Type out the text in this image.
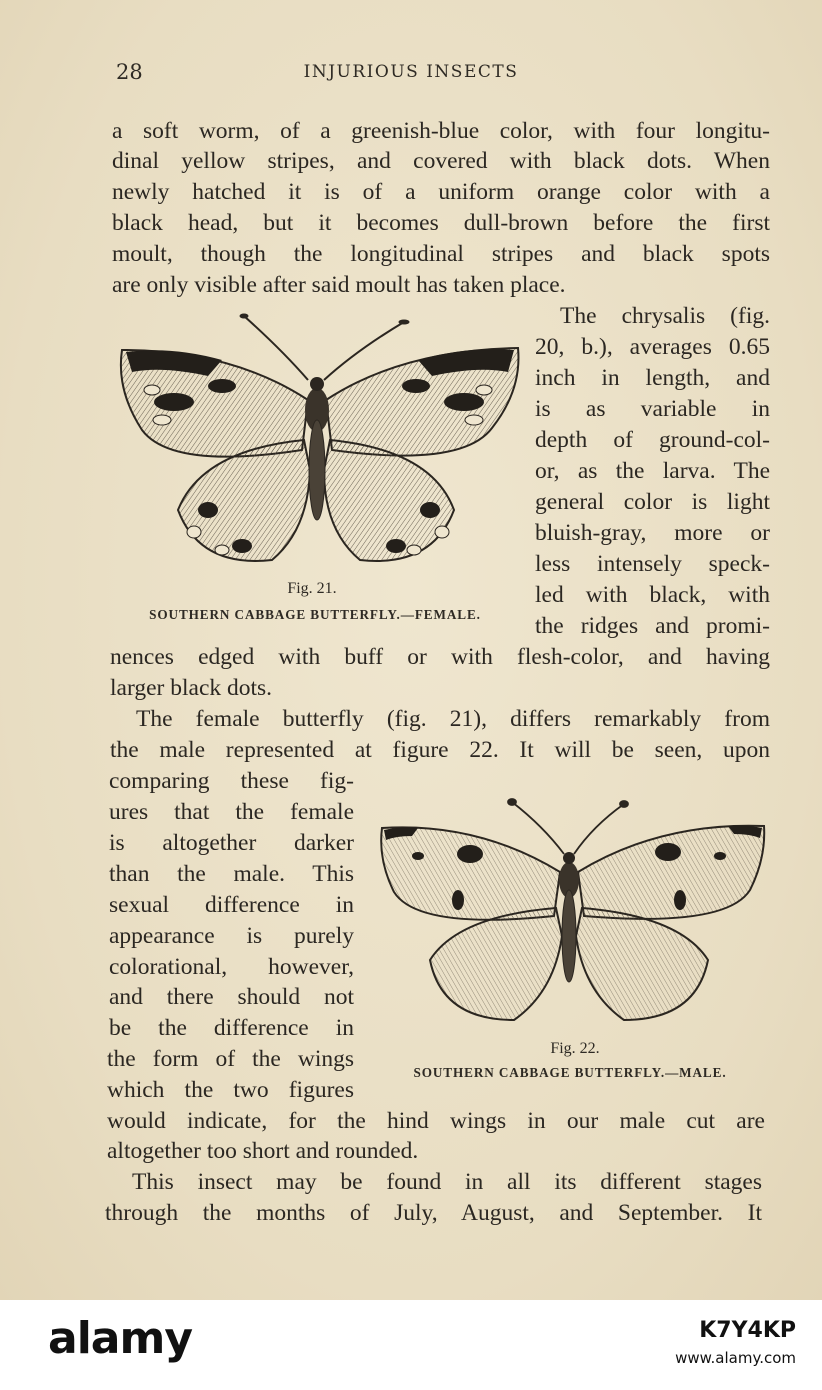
28	INJURIOUS INSECTS
a soft worm, of a greenish-blue color, with four longitu-
dinal yellow stripes, and covered with black dots. When
newly hatched it is of a uniform orange color with a
black head, but it becomes dull-brown before the first
moult, though the longitudinal stripes and black spots
are only visible after said moult has taken place.
The chrysalis (fig.
20, b.), averages 0.65
inch in length, and
is as variable in
depth of ground-col-
or, as the larva. The
general color is light
bluish-gray, more or
less intensely speck-
led with black, with
the ridges and promi-
nences edged with buff or with flesh-color, and having
larger black dots.
The female butterfly (fig. 21), differs remarkably from
the male represented at figure 22. It will be seen, upon
comparing these fig-
ures that the female
is altogether darker
than the male. This
sexual difference in
appearance is purely
colorational, however,
and there should not
be the difference in
the form of the wings
which the two figures
would indicate, for the hind wings in our male cut are
altogether too short and rounded.
This insect may be found in all its different stages
through the months of July, August, and September. It
Fig. 21.
SOUTHERN CABBAGE BUTTERFLY.—FEMALE.
Fig. 22.
SOUTHERN CABBAGE BUTTERFLY.—MALE.
alamy	K7Y4KP
www.alamy.com
